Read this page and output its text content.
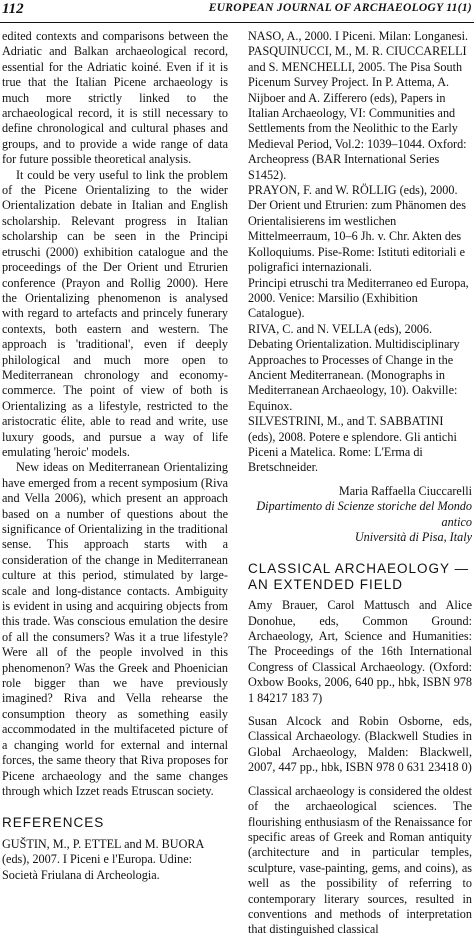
112	EUROPEAN JOURNAL OF ARCHAEOLOGY 11(1)

edited contexts and comparisons between the Adriatic and Balkan archaeological record, essential for the Adriatic koiné. Even if it is true that the Italian Picene archaeology is much more strictly linked to the archaeological record, it is still necessary to define chronological and cultural phases and groups, and to provide a wide range of data for future possible theoretical analysis.

It could be very useful to link the problem of the Picene Orientalizing to the wider Orientalization debate in Italian and English scholarship. Relevant progress in Italian scholarship can be seen in the Principi etruschi (2000) exhibition catalogue and the proceedings of the Der Orient und Etrurien conference (Prayon and Rollig 2000). Here the Orientalizing phenomenon is analysed with regard to artefacts and princely funerary contexts, both eastern and western. The approach is 'traditional', even if deeply philological and much more open to Mediterranean chronology and economy-commerce. The point of view of both is Orientalizing as a lifestyle, restricted to the aristocratic élite, able to read and write, use luxury goods, and pursue a way of life emulating 'heroic' models.

New ideas on Mediterranean Orientalizing have emerged from a recent symposium (Riva and Vella 2006), which present an approach based on a number of questions about the significance of Orientalizing in the traditional sense. This approach starts with a consideration of the change in Mediterranean culture at this period, stimulated by large-scale and long-distance contacts. Ambiguity is evident in using and acquiring objects from this trade. Was conscious emulation the desire of all the consumers? Was it a true lifestyle? Were all of the people involved in this phenomenon? Was the Greek and Phoenician role bigger than we have previously imagined? Riva and Vella rehearse the consumption theory as something easily accommodated in the multifaceted picture of a changing world for external and internal forces, the same theory that Riva proposes for Picene archaeology and the same changes through which Izzet reads Etruscan society.

REFERENCES

GUŠTIN, M., P. ETTEL and M. BUORA (eds), 2007. I Piceni e l'Europa. Udine: Società Friulana di Archeologia.

NASO, A., 2000. I Piceni. Milan: Longanesi.

PASQUINUCCI, M., M. R. CIUCCARELLI and S. MENCHELLI, 2005. The Pisa South Picenum Survey Project. In P. Attema, A. Nijboer and A. Zifferero (eds), Papers in Italian Archaeology, VI: Communities and Settlements from the Neolithic to the Early Medieval Period, Vol.2: 1039–1044. Oxford: Archeopress (BAR International Series S1452).

PRAYON, F. and W. RÖLLIG (eds), 2000. Der Orient und Etrurien: zum Phänomen des Orientalisierens im westlichen Mittelmeerraum, 10–6 Jh. v. Chr. Akten des Kolloquiums. Pise-Rome: Istituti editoriali e poligrafici internazionali.

Principi etruschi tra Mediterraneo ed Europa, 2000. Venice: Marsilio (Exhibition Catalogue).

RIVA, C. and N. VELLA (eds), 2006. Debating Orientalization. Multidisciplinary Approaches to Processes of Change in the Ancient Mediterranean. (Monographs in Mediterranean Archaeology, 10). Oakville: Equinox.

SILVESTRINI, M., and T. SABBATINI (eds), 2008. Potere e splendore. Gli antichi Piceni a Matelica. Rome: L'Erma di Bretschneider.

Maria Raffaella Ciuccarelli

Dipartimento di Scienze storiche del Mondo antico

Università di Pisa, Italy

CLASSICAL ARCHAEOLOGY — AN EXTENDED FIELD

Amy Brauer, Carol Mattusch and Alice Donohue, eds, Common Ground: Archaeology, Art, Science and Humanities: The Proceedings of the 16th International Congress of Classical Archaeology. (Oxford: Oxbow Books, 2006, 640 pp., hbk, ISBN 978 1 84217 183 7)

Susan Alcock and Robin Osborne, eds, Classical Archaeology. (Blackwell Studies in Global Archaeology, Malden: Blackwell, 2007, 447 pp., hbk, ISBN 978 0 631 23418 0)

Classical archaeology is considered the oldest of the archaeological sciences. The flourishing enthusiasm of the Renaissance for specific areas of Greek and Roman antiquity (architecture and in particular temples, sculpture, vase-painting, gems, and coins), as well as the possibility of referring to contemporary literary sources, resulted in conventions and methods of interpretation that distinguished classical
